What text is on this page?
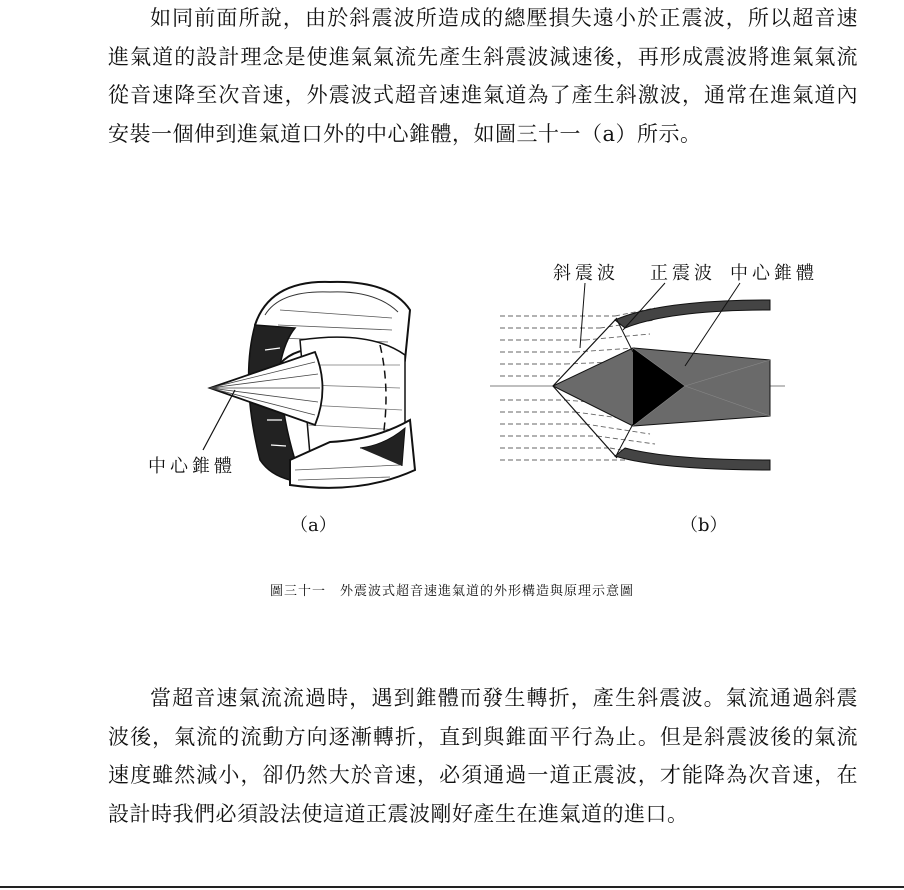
如同前面所說，由於斜震波所造成的總壓損失遠小於正震波，所以超音速進氣道的設計理念是使進氣氣流先產生斜震波減速後，再形成震波將進氣氣流從音速降至次音速，外震波式超音速進氣道為了產生斜激波，通常在進氣道內安裝一個伸到進氣道口外的中心錐體，如圖三十一（a）所示。

中心錐體
斜震波 正震波 中心錐體
（a）	（b）
圖三十一　外震波式超音速進氣道的外形構造與原理示意圖

當超音速氣流流過時，遇到錐體而發生轉折，產生斜震波。氣流通過斜震波後，氣流的流動方向逐漸轉折，直到與錐面平行為止。但是斜震波後的氣流速度雖然減小，卻仍然大於音速，必須通過一道正震波，才能降為次音速，在設計時我們必須設法使這道正震波剛好產生在進氣道的進口。
